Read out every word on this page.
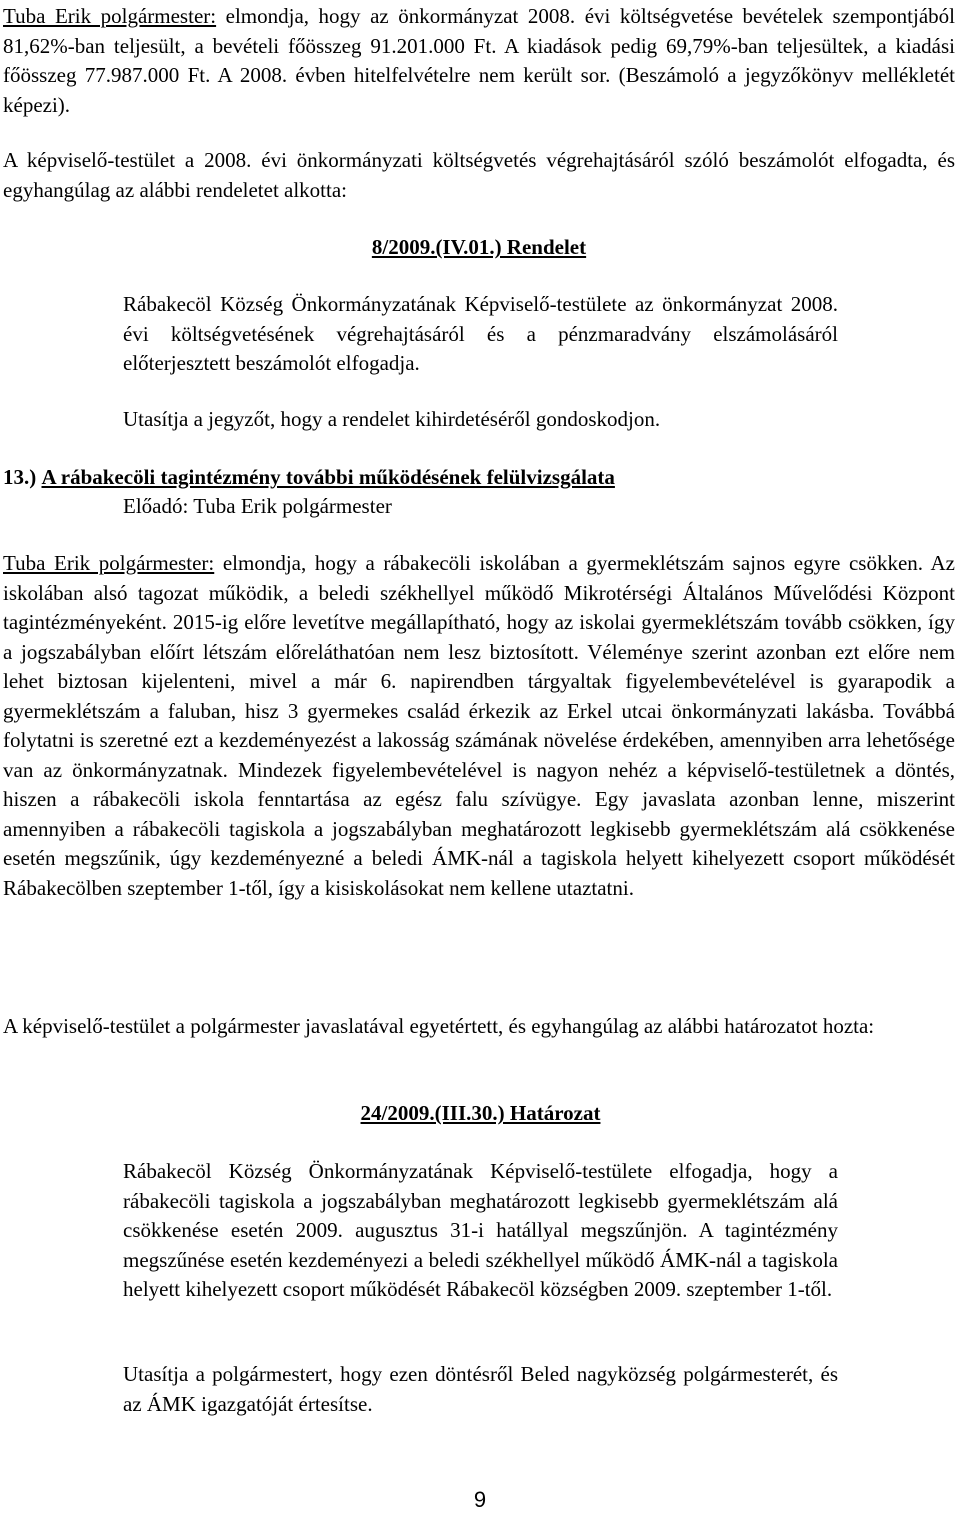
Tuba Erik polgármester: elmondja, hogy az önkormányzat 2008. évi költségvetése bevételek szempontjából 81,62%-ban teljesült, a bevételi főösszeg 91.201.000 Ft. A kiadások pedig 69,79%-ban teljesültek, a kiadási főösszeg 77.987.000 Ft. A 2008. évben hitelfelvételre nem került sor. (Beszámoló a jegyzőkönyv mellékletét képezi).

A képviselő-testület a 2008. évi önkormányzati költségvetés végrehajtásáról szóló beszámolót elfogadta, és egyhangúlag az alábbi rendeletet alkotta:

8/2009.(IV.01.) Rendelet

Rábakecöl Község Önkormányzatának Képviselő-testülete az önkormányzat 2008. évi költségvetésének végrehajtásáról és a pénzmaradvány elszámolásáról előterjesztett beszámolót elfogadja.

Utasítja a jegyzőt, hogy a rendelet kihirdetéséről gondoskodjon.

13.) A rábakecöli tagintézmény további működésének felülvizsgálata
Előadó: Tuba Erik polgármester

Tuba Erik polgármester: elmondja, hogy a rábakecöli iskolában a gyermeklétszám sajnos egyre csökken. Az iskolában alsó tagozat működik, a beledi székhellyel működő Mikrotérségi Általános Művelődési Központ tagintézményeként. 2015-ig előre levetítve megállapítható, hogy az iskolai gyermeklétszám tovább csökken, így a jogszabályban előírt létszám előreláthatóan nem lesz biztosított. Véleménye szerint azonban ezt előre nem lehet biztosan kijelenteni, mivel a már 6. napirendben tárgyaltak figyelembevételével is gyarapodik a gyermeklétszám a faluban, hisz 3 gyermekes család érkezik az Erkel utcai önkormányzati lakásba. Továbbá folytatni is szeretné ezt a kezdeményezést a lakosság számának növelése érdekében, amennyiben arra lehetősége van az önkormányzatnak. Mindezek figyelembevételével is nagyon nehéz a képviselő-testületnek a döntés, hiszen a rábakecöli iskola fenntartása az egész falu szívügye. Egy javaslata azonban lenne, miszerint amennyiben a rábakecöli tagiskola a jogszabályban meghatározott legkisebb gyermeklétszám alá csökkenése esetén megszűnik, úgy kezdeményezné a beledi ÁMK-nál a tagiskola helyett kihelyezett csoport működését Rábakecölben szeptember 1-től, így a kisiskolásokat nem kellene utaztatni.

A képviselő-testület a polgármester javaslatával egyetértett, és egyhangúlag az alábbi határozatot hozta:

24/2009.(III.30.) Határozat

Rábakecöl Község Önkormányzatának Képviselő-testülete elfogadja, hogy a rábakecöli tagiskola a jogszabályban meghatározott legkisebb gyermeklétszám alá csökkenése esetén 2009. augusztus 31-i hatállyal megszűnjön. A tagintézmény megszűnése esetén kezdeményezi a beledi székhellyel működő ÁMK-nál a tagiskola helyett kihelyezett csoport működését Rábakecöl községben 2009. szeptember 1-től.

Utasítja a polgármestert, hogy ezen döntésről Beled nagyközség polgármesterét, és az ÁMK igazgatóját értesítse.

9
